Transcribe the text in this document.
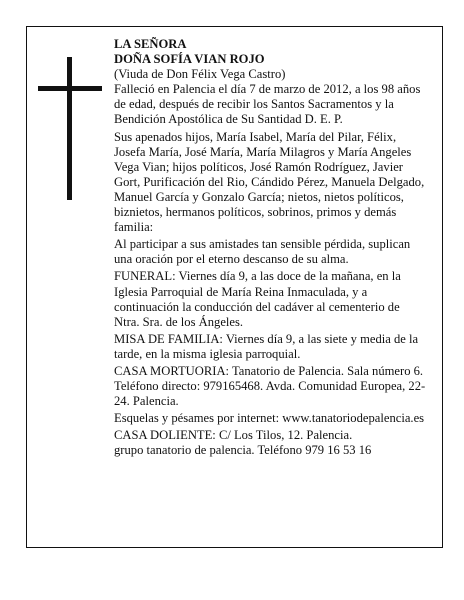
LA SEÑORA

DOÑA SOFÍA VIAN ROJO

(Viuda de Don Félix Vega Castro)

Falleció en Palencia el día 7 de marzo de 2012, a los 98 años de edad, después de recibir los Santos Sacramentos y la Bendición Apostólica de Su Santidad D. E. P.

Sus apenados hijos, María Isabel, María del Pilar, Félix, Josefa María, José María, María Milagros y María Angeles Vega Vian; hijos políticos, José Ramón Rodríguez, Javier Gort, Purificación del Rio, Cándido Pérez, Manuela Delgado, Manuel García y Gonzalo García; nietos, nietos políticos, biznietos, hermanos políticos, sobrinos, primos y demás familia:

Al participar a sus amistades tan sensible pérdida, suplican una oración por el eterno descanso de su alma.

FUNERAL: Viernes día 9, a las doce de la mañana, en la Iglesia Parroquial de María Reina Inmaculada, y a continuación la conducción del cadáver al cementerio de Ntra. Sra. de los Ángeles.

MISA DE FAMILIA: Viernes día 9, a las siete y media de la tarde, en la misma iglesia parroquial.

CASA MORTUORIA: Tanatorio de Palencia. Sala número 6. Teléfono directo: 979165468. Avda. Comunidad Europea, 22-24. Palencia.

Esquelas y pésames por internet: www.tanatoriodepalencia.es

CASA DOLIENTE: C/ Los Tilos, 12. Palencia.

grupo tanatorio de palencia. Teléfono 979 16 53 16
